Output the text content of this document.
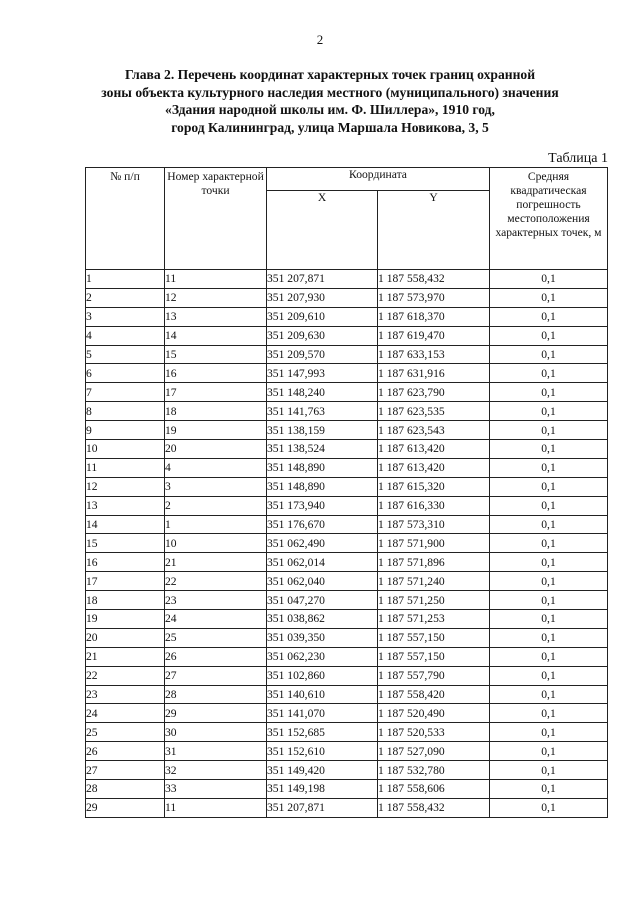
2
Глава 2. Перечень координат характерных точек границ охранной
зоны объекта культурного наследия местного (муниципального) значения
«Здания народной школы им. Ф. Шиллера», 1910 год,
город Калининград, улица Маршала Новикова, 3, 5
Таблица 1
№ п/п	Номер характерной точки	Координата		Средняя квадратическая погрешность местоположения характерных точек, м
		X	Y	
1	11	351 207,871	1 187 558,432	0,1
2	12	351 207,930	1 187 573,970	0,1
3	13	351 209,610	1 187 618,370	0,1
4	14	351 209,630	1 187 619,470	0,1
5	15	351 209,570	1 187 633,153	0,1
6	16	351 147,993	1 187 631,916	0,1
7	17	351 148,240	1 187 623,790	0,1
8	18	351 141,763	1 187 623,535	0,1
9	19	351 138,159	1 187 623,543	0,1
10	20	351 138,524	1 187 613,420	0,1
11	4	351 148,890	1 187 613,420	0,1
12	3	351 148,890	1 187 615,320	0,1
13	2	351 173,940	1 187 616,330	0,1
14	1	351 176,670	1 187 573,310	0,1
15	10	351 062,490	1 187 571,900	0,1
16	21	351 062,014	1 187 571,896	0,1
17	22	351 062,040	1 187 571,240	0,1
18	23	351 047,270	1 187 571,250	0,1
19	24	351 038,862	1 187 571,253	0,1
20	25	351 039,350	1 187 557,150	0,1
21	26	351 062,230	1 187 557,150	0,1
22	27	351 102,860	1 187 557,790	0,1
23	28	351 140,610	1 187 558,420	0,1
24	29	351 141,070	1 187 520,490	0,1
25	30	351 152,685	1 187 520,533	0,1
26	31	351 152,610	1 187 527,090	0,1
27	32	351 149,420	1 187 532,780	0,1
28	33	351 149,198	1 187 558,606	0,1
29	11	351 207,871	1 187 558,432	0,1
